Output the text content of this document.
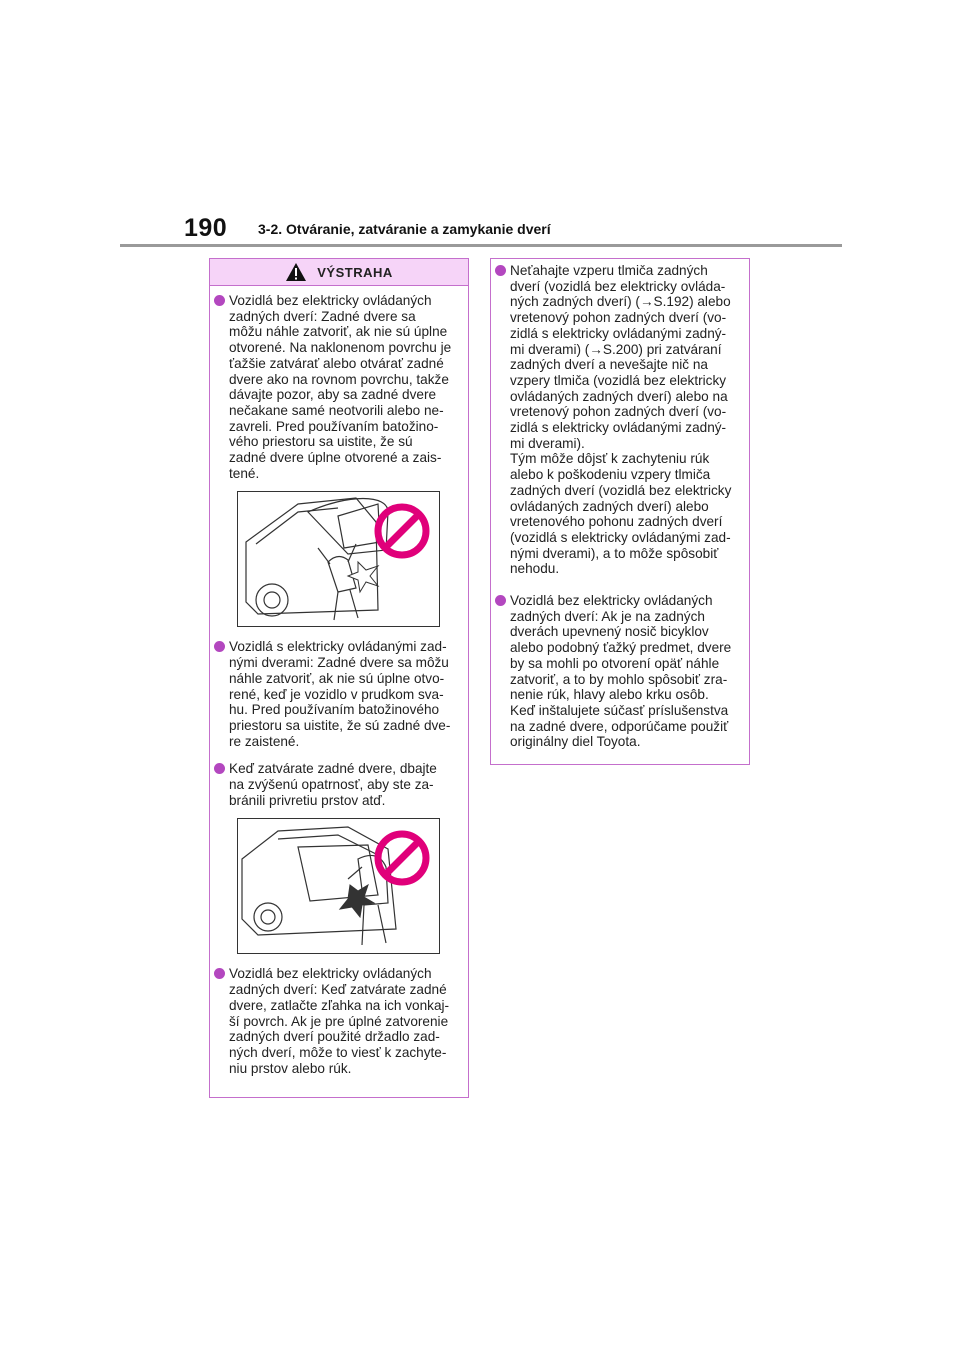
190 3-2. Otváranie, zatváranie a zamykanie dverí
VÝSTRAHA
Vozidlá bez elektricky ovládaných
zadných dverí: Zadné dvere sa
môžu náhle zatvoriť, ak nie sú úplne
otvorené. Na naklonenom povrchu je
ťažšie zatvárať alebo otvárať zadné
dvere ako na rovnom povrchu, takže
dávajte pozor, aby sa zadné dvere
nečakane samé neotvorili alebo ne-
zavreli. Pred používaním batožino-
vého priestoru sa uistite, že sú
zadné dvere úplne otvorené a zais-
tené.
Vozidlá s elektricky ovládanými zad-
nými dverami: Zadné dvere sa môžu
náhle zatvoriť, ak nie sú úplne otvo-
rené, keď je vozidlo v prudkom sva-
hu. Pred používaním batožinového
priestoru sa uistite, že sú zadné dve-
re zaistené.
Keď zatvárate zadné dvere, dbajte
na zvýšenú opatrnosť, aby ste za-
bránili privretiu prstov atď.
Vozidlá bez elektricky ovládaných
zadných dverí: Keď zatvárate zadné
dvere, zatlačte zľahka na ich vonkaj-
ší povrch. Ak je pre úplné zatvorenie
zadných dverí použité držadlo zad-
ných dverí, môže to viesť k zachyte-
niu prstov alebo rúk.
Neťahajte vzperu tlmiča zadných
dverí (vozidlá bez elektricky ovláda-
ných zadných dverí) (→S.192) alebo
vretenový pohon zadných dverí (vo-
zidlá s elektricky ovládanými zadný-
mi dverami) (→S.200) pri zatváraní
zadných dverí a nevešajte nič na
vzpery tlmiča (vozidlá bez elektricky
ovládaných zadných dverí) alebo na
vretenový pohon zadných dverí (vo-
zidlá s elektricky ovládanými zadný-
mi dverami).
Tým môže dôjsť k zachyteniu rúk
alebo k poškodeniu vzpery tlmiča
zadných dverí (vozidlá bez elektricky
ovládaných zadných dverí) alebo
vretenového pohonu zadných dverí
(vozidlá s elektricky ovládanými zad-
nými dverami), a to môže spôsobiť
nehodu.
Vozidlá bez elektricky ovládaných
zadných dverí: Ak je na zadných
dverách upevnený nosič bicyklov
alebo podobný ťažký predmet, dvere
by sa mohli po otvorení opäť náhle
zatvoriť, a to by mohlo spôsobiť zra-
nenie rúk, hlavy alebo krku osôb.
Keď inštalujete súčasť príslušenstva
na zadné dvere, odporúčame použiť
originálny diel Toyota.
